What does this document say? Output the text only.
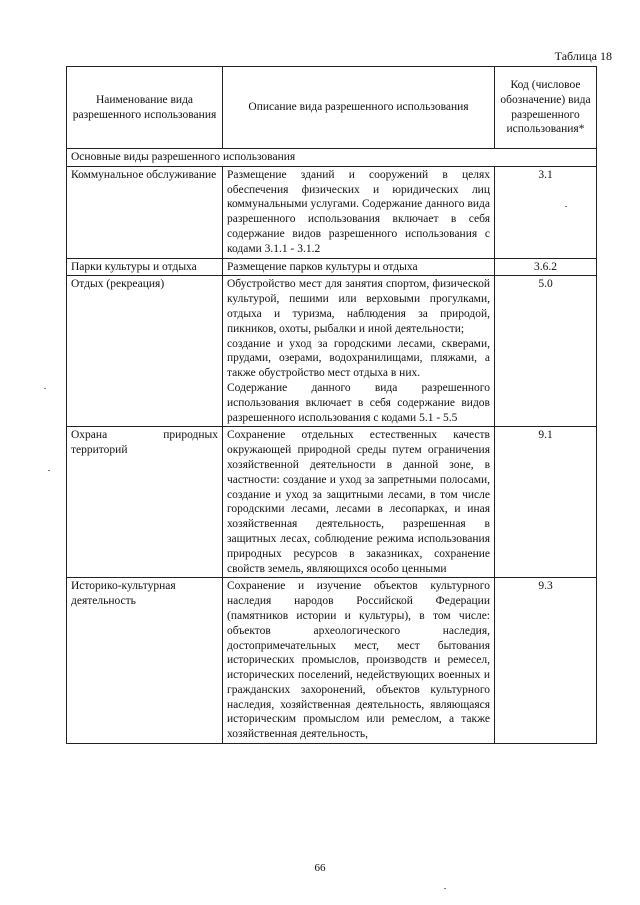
Таблица 18
Наименование вида разрешенного использования	Описание вида разрешенного использования	Код (числовое обозначение) вида разрешенного использования*
Основные виды разрешенного использования		
Коммунальное обслуживание	Размещение зданий и сооружений в целях обеспечения физических и юридических лиц коммунальными услугами. Содержание данного вида разрешенного использования включает в себя содержание видов разрешенного использования с кодами 3.1.1 - 3.1.2	3.1
Парки культуры и отдыха	Размещение парков культуры и отдыха	3.6.2
Отдых (рекреация)	Обустройство мест для занятия спортом, физической культурой, пешими или верховыми прогулками, отдыха и туризма, наблюдения за природой, пикников, охоты, рыбалки и иной деятельности;
создание и уход за городскими лесами, скверами, прудами, озерами, водохранилищами, пляжами, а также обустройство мест отдыха в них.
Содержание данного вида разрешенного использования включает в себя содержание видов разрешенного использования с кодами 5.1 - 5.5	5.0
Охрана природных территорий	Сохранение отдельных естественных качеств окружающей природной среды путем ограничения хозяйственной деятельности в данной зоне, в частности: создание и уход за запретными полосами, создание и уход за защитными лесами, в том числе городскими лесами, лесами в лесопарках, и иная хозяйственная деятельность, разрешенная в защитных лесах, соблюдение режима использования природных ресурсов в заказниках, сохранение свойств земель, являющихся особо ценными	9.1
Историко-культурная деятельность	Сохранение и изучение объектов культурного наследия народов Российской Федерации (памятников истории и культуры), в том числе: объектов археологического наследия, достопримечательных мест, мест бытования исторических промыслов, производств и ремесел, исторических поселений, недействующих военных и гражданских захоронений, объектов культурного наследия, хозяйственная деятельность, являющаяся историческим промыслом или ремеслом, а также хозяйственная деятельность,	9.3
66
